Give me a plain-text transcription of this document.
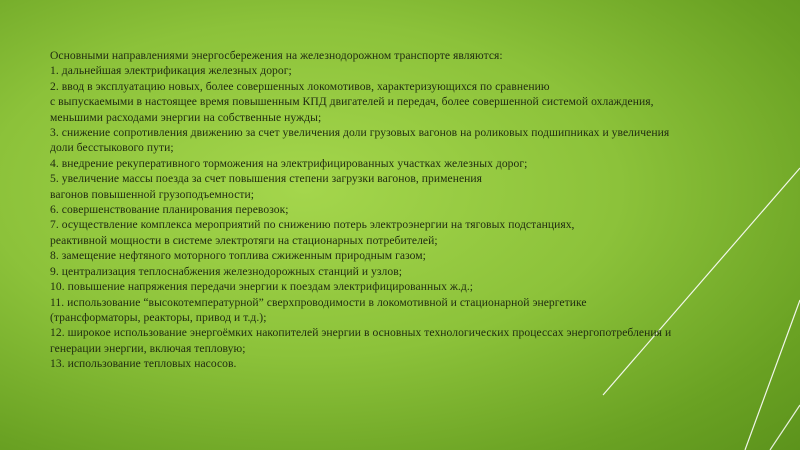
Основными направлениями энергосбережения на железнодорожном транспорте являются:

1. дальнейшая электрификация железных дорог;

2. ввод в эксплуатацию новых, более совершенных локомотивов, характеризующихся по сравнению

с выпускаемыми в настоящее время повышенным КПД двигателей и передач, более совершенной системой охлаждения,

меньшими расходами энергии на собственные нужды;

3. снижение сопротивления движению за счет увеличения доли грузовых вагонов на роликовых подшипниках и увеличения

доли бесстыкового пути;

4. внедрение рекуперативного торможения на электрифицированных участках железных дорог;

5. увеличение массы поезда за счет повышения степени загрузки вагонов, применения

вагонов повышенной грузоподъемности;

6. совершенствование планирования перевозок;

7. осуществление комплекса мероприятий по снижению потерь электроэнергии на тяговых подстанциях,

реактивной мощности в системе электротяги на стационарных потребителей;

8. замещение нефтяного моторного топлива сжиженным природным газом;

9. централизация теплоснабжения железнодорожных станций и узлов;

10. повышение напряжения передачи энергии к поездам электрифицированных ж.д.;

11. использование “высокотемпературной” сверхпроводимости в локомотивной и стационарной энергетике

(трансформаторы, реакторы, привод и т.д.);

12. широкое использование энергоёмких накопителей энергии в основных технологических процессах энергопотребления и

генерации энергии, включая тепловую;

13. использование тепловых насосов.
